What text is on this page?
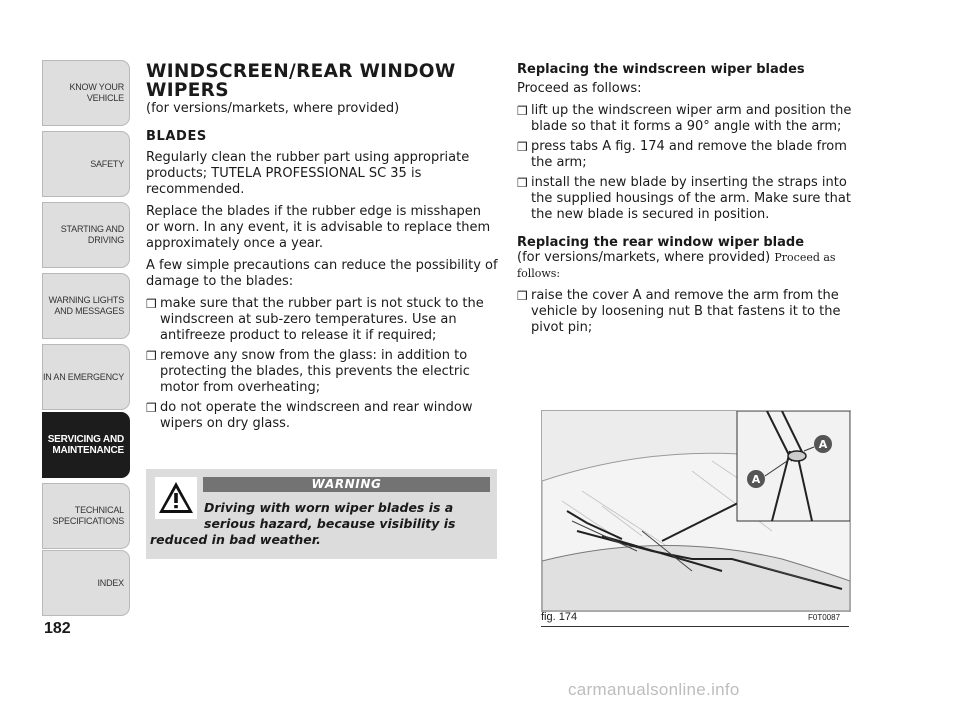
KNOW YOUR
VEHICLE
SAFETY
STARTING AND
DRIVING
WARNING LIGHTS
AND MESSAGES
IN AN EMERGENCY
SERVICING AND
MAINTENANCE
TECHNICAL
SPECIFICATIONS
INDEX
182
WINDSCREEN/REAR WINDOW
WIPERS
(for versions/markets, where provided)
BLADES

Regularly clean the rubber part using appropriate products; TUTELA PROFESSIONAL SC 35 is recommended.

Replace the blades if the rubber edge is misshapen or worn. In any event, it is advisable to replace them approximately once a year.

A few simple precautions can reduce the possibility of damage to the blades:

❒ make sure that the rubber part is not stuck to the windscreen at sub-zero temperatures. Use an antifreeze product to release it if required;
❒ remove any snow from the glass: in addition to protecting the blades, this prevents the electric motor from overheating;
❒ do not operate the windscreen and rear window wipers on dry glass.
WARNING
Driving with worn wiper blades is a
serious hazard, because visibility is
reduced in bad weather.
Replacing the windscreen wiper blades

Proceed as follows:

❒ lift up the windscreen wiper arm and position the blade so that it forms a 90° angle with the arm;
❒ press tabs A fig. 174 and remove the blade from the arm;
❒ install the new blade by inserting the straps into the supplied housings of the arm. Make sure that the new blade is secured in position.
Replacing the rear window wiper blade

(for versions/markets, where provided) Proceed as
follows:

❒ raise the cover A and remove the arm from the vehicle by loosening nut B that fastens it to the pivot pin;
A
A
fig. 174	F0T0087
carmanualsonline.info
